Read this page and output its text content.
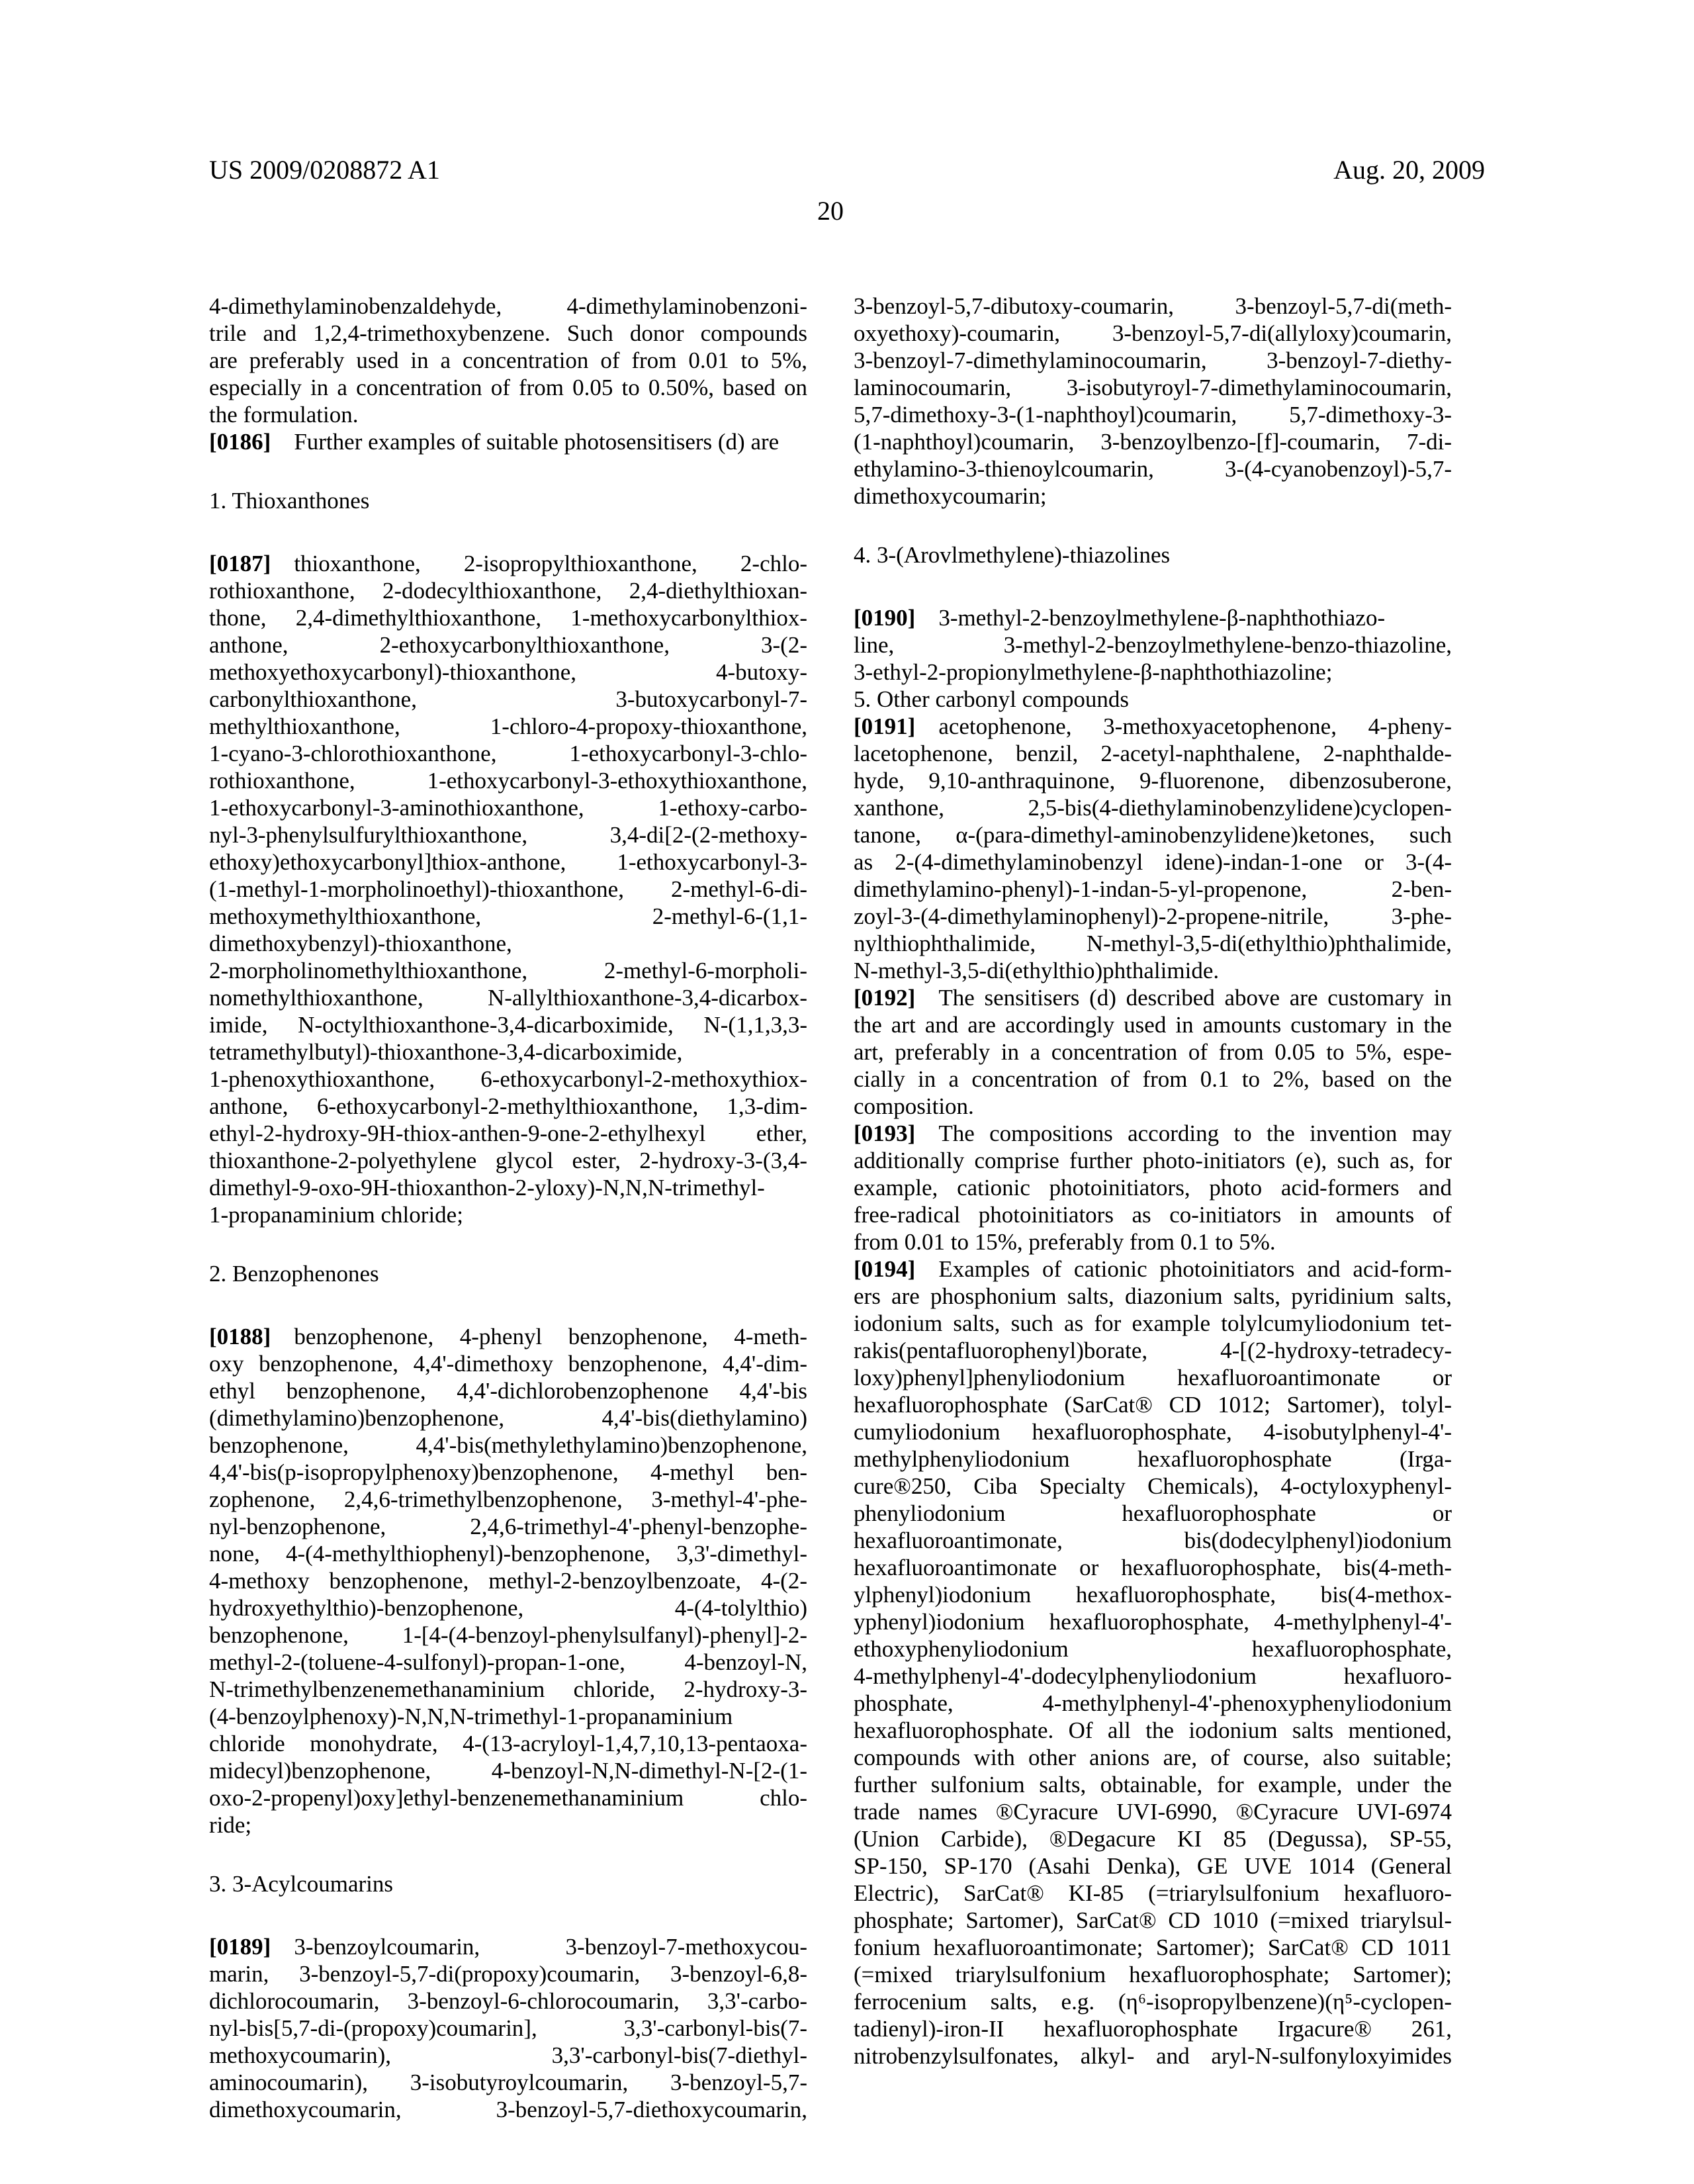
US 2009/0208872 A1	Aug. 20, 2009
20
4-dimethylaminobenzaldehyde, 4-dimethylaminobenzoni-
trile and 1,2,4-trimethoxybenzene. Such donor compounds
are preferably used in a concentration of from 0.01 to 5%,
especially in a concentration of from 0.05 to 0.50%, based on
the formulation.
[0186] Further examples of suitable photosensitisers (d) are
1. Thioxanthones
[0187] thioxanthone, 2-isopropylthioxanthone, 2-chlo-
rothioxanthone, 2-dodecylthioxanthone, 2,4-diethylthioxan-
thone, 2,4-dimethylthioxanthone, 1-methoxycarbonylthiox-
anthone, 2-ethoxycarbonylthioxanthone, 3-(2-
methoxyethoxycarbonyl)-thioxanthone, 4-butoxy-
carbonylthioxanthone, 3-butoxycarbonyl-7-
methylthioxanthone, 1-chloro-4-propoxy-thioxanthone,
1-cyano-3-chlorothioxanthone, 1-ethoxycarbonyl-3-chlo-
rothioxanthone, 1-ethoxycarbonyl-3-ethoxythioxanthone,
1-ethoxycarbonyl-3-aminothioxanthone, 1-ethoxy-carbo-
nyl-3-phenylsulfurylthioxanthone, 3,4-di[2-(2-methoxy-
ethoxy)ethoxycarbonyl]thiox-anthone, 1-ethoxycarbonyl-3-
(1-methyl-1-morpholinoethyl)-thioxanthone, 2-methyl-6-di-
methoxymethylthioxanthone, 2-methyl-6-(1,1-
dimethoxybenzyl)-thioxanthone,
2-morpholinomethylthioxanthone, 2-methyl-6-morpholi-
nomethylthioxanthone, N-allylthioxanthone-3,4-dicarbox-
imide, N-octylthioxanthone-3,4-dicarboximide, N-(1,1,3,3-
tetramethylbutyl)-thioxanthone-3,4-dicarboximide,
1-phenoxythioxanthone, 6-ethoxycarbonyl-2-methoxythiox-
anthone, 6-ethoxycarbonyl-2-methylthioxanthone, 1,3-dim-
ethyl-2-hydroxy-9H-thiox-anthen-9-one-2-ethylhexyl ether,
thioxanthone-2-polyethylene glycol ester, 2-hydroxy-3-(3,4-
dimethyl-9-oxo-9H-thioxanthon-2-yloxy)-N,N,N-trimethyl-
1-propanaminium chloride;
2. Benzophenones
[0188] benzophenone, 4-phenyl benzophenone, 4-meth-
oxy benzophenone, 4,4'-dimethoxy benzophenone, 4,4'-dim-
ethyl benzophenone, 4,4'-dichlorobenzophenone 4,4'-bis
(dimethylamino)benzophenone, 4,4'-bis(diethylamino)
benzophenone, 4,4'-bis(methylethylamino)benzophenone,
4,4'-bis(p-isopropylphenoxy)benzophenone, 4-methyl ben-
zophenone, 2,4,6-trimethylbenzophenone, 3-methyl-4'-phe-
nyl-benzophenone, 2,4,6-trimethyl-4'-phenyl-benzophe-
none, 4-(4-methylthiophenyl)-benzophenone, 3,3'-dimethyl-
4-methoxy benzophenone, methyl-2-benzoylbenzoate, 4-(2-
hydroxyethylthio)-benzophenone, 4-(4-tolylthio)
benzophenone, 1-[4-(4-benzoyl-phenylsulfanyl)-phenyl]-2-
methyl-2-(toluene-4-sulfonyl)-propan-1-one, 4-benzoyl-N,
N-trimethylbenzenemethanaminium chloride, 2-hydroxy-3-
(4-benzoylphenoxy)-N,N,N-trimethyl-1-propanaminium
chloride monohydrate, 4-(13-acryloyl-1,4,7,10,13-pentaoxa-
midecyl)benzophenone, 4-benzoyl-N,N-dimethyl-N-[2-(1-
oxo-2-propenyl)oxy]ethyl-benzenemethanaminium chlo-
ride;
3. 3-Acylcoumarins
[0189] 3-benzoylcoumarin, 3-benzoyl-7-methoxycou-
marin, 3-benzoyl-5,7-di(propoxy)coumarin, 3-benzoyl-6,8-
dichlorocoumarin, 3-benzoyl-6-chlorocoumarin, 3,3'-carbo-
nyl-bis[5,7-di-(propoxy)coumarin], 3,3'-carbonyl-bis(7-
methoxycoumarin), 3,3'-carbonyl-bis(7-diethyl-
aminocoumarin), 3-isobutyroylcoumarin, 3-benzoyl-5,7-
dimethoxycoumarin, 3-benzoyl-5,7-diethoxycoumarin,
3-benzoyl-5,7-dibutoxy-coumarin, 3-benzoyl-5,7-di(meth-
oxyethoxy)-coumarin, 3-benzoyl-5,7-di(allyloxy)coumarin,
3-benzoyl-7-dimethylaminocoumarin, 3-benzoyl-7-diethy-
laminocoumarin, 3-isobutyroyl-7-dimethylaminocoumarin,
5,7-dimethoxy-3-(1-naphthoyl)coumarin, 5,7-dimethoxy-3-
(1-naphthoyl)coumarin, 3-benzoylbenzo-[f]-coumarin, 7-di-
ethylamino-3-thienoylcoumarin, 3-(4-cyanobenzoyl)-5,7-
dimethoxycoumarin;
4. 3-(Arovlmethylene)-thiazolines
[0190] 3-methyl-2-benzoylmethylene-β-naphthothiazo-
line, 3-methyl-2-benzoylmethylene-benzo-thiazoline,
3-ethyl-2-propionylmethylene-β-naphthothiazoline;
5. Other carbonyl compounds
[0191] acetophenone, 3-methoxyacetophenone, 4-pheny-
lacetophenone, benzil, 2-acetyl-naphthalene, 2-naphthalde-
hyde, 9,10-anthraquinone, 9-fluorenone, dibenzosuberone,
xanthone, 2,5-bis(4-diethylaminobenzylidene)cyclopen-
tanone, α-(para-dimethyl-aminobenzylidene)ketones, such
as 2-(4-dimethylaminobenzyl idene)-indan-1-one or 3-(4-
dimethylamino-phenyl)-1-indan-5-yl-propenone, 2-ben-
zoyl-3-(4-dimethylaminophenyl)-2-propene-nitrile, 3-phe-
nylthiophthalimide, N-methyl-3,5-di(ethylthio)phthalimide,
N-methyl-3,5-di(ethylthio)phthalimide.
[0192] The sensitisers (d) described above are customary in
the art and are accordingly used in amounts customary in the
art, preferably in a concentration of from 0.05 to 5%, espe-
cially in a concentration of from 0.1 to 2%, based on the
composition.
[0193] The compositions according to the invention may
additionally comprise further photo-initiators (e), such as, for
example, cationic photoinitiators, photo acid-formers and
free-radical photoinitiators as co-initiators in amounts of
from 0.01 to 15%, preferably from 0.1 to 5%.
[0194] Examples of cationic photoinitiators and acid-form-
ers are phosphonium salts, diazonium salts, pyridinium salts,
iodonium salts, such as for example tolylcumyliodonium tet-
rakis(pentafluorophenyl)borate, 4-[(2-hydroxy-tetradecy-
loxy)phenyl]phenyliodonium hexafluoroantimonate or
hexafluorophosphate (SarCat® CD 1012; Sartomer), tolyl-
cumyliodonium hexafluorophosphate, 4-isobutylphenyl-4'-
methylphenyliodonium hexafluorophosphate (Irga-
cure®250, Ciba Specialty Chemicals), 4-octyloxyphenyl-
phenyliodonium hexafluorophosphate or
hexafluoroantimonate, bis(dodecylphenyl)iodonium
hexafluoroantimonate or hexafluorophosphate, bis(4-meth-
ylphenyl)iodonium hexafluorophosphate, bis(4-methox-
yphenyl)iodonium hexafluorophosphate, 4-methylphenyl-4'-
ethoxyphenyliodonium hexafluorophosphate,
4-methylphenyl-4'-dodecylphenyliodonium hexafluoro-
phosphate, 4-methylphenyl-4'-phenoxyphenyliodonium
hexafluorophosphate. Of all the iodonium salts mentioned,
compounds with other anions are, of course, also suitable;
further sulfonium salts, obtainable, for example, under the
trade names ®Cyracure UVI-6990, ®Cyracure UVI-6974
(Union Carbide), ®Degacure KI 85 (Degussa), SP-55,
SP-150, SP-170 (Asahi Denka), GE UVE 1014 (General
Electric), SarCat® KI-85 (=triarylsulfonium hexafluoro-
phosphate; Sartomer), SarCat® CD 1010 (=mixed triarylsul-
fonium hexafluoroantimonate; Sartomer); SarCat® CD 1011
(=mixed triarylsulfonium hexafluorophosphate; Sartomer);
ferrocenium salts, e.g. (η⁶-isopropylbenzene)(η⁵-cyclopen-
tadienyl)-iron-II hexafluorophosphate Irgacure® 261,
nitrobenzylsulfonates, alkyl- and aryl-N-sulfonyloxyimides
